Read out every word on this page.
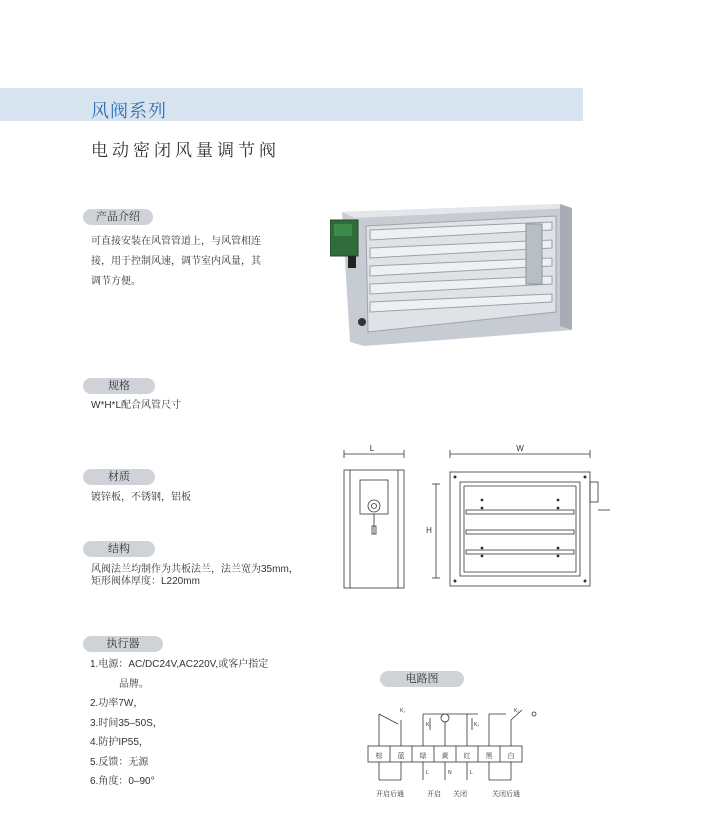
风阀系列
电动密闭风量调节阀
产品介绍
可直接安装在风管管道上，与风管相连
接，用于控制风速，调节室内风量，其
调节方便。
规格
W*H*L配合风管尺寸
材质
镀锌板，不锈钢，铝板
结构
风阀法兰均制作为共板法兰，法兰宽为35mm，
矩形阀体厚度：L220mm
L	W
H
执行器
1.电源：AC/DC24V,AC220V,或客户指定
品牌。
2.功率7W，
3.时间35–50S，
4.防护IP55，
5.反馈：无源
6.角度：0–90°
电路图
棕 蓝 绿 黄 红 黑 白
K₁
K₁	K₂
K₂
L	N	L
开启后通	开启 关闭	关闭后通
